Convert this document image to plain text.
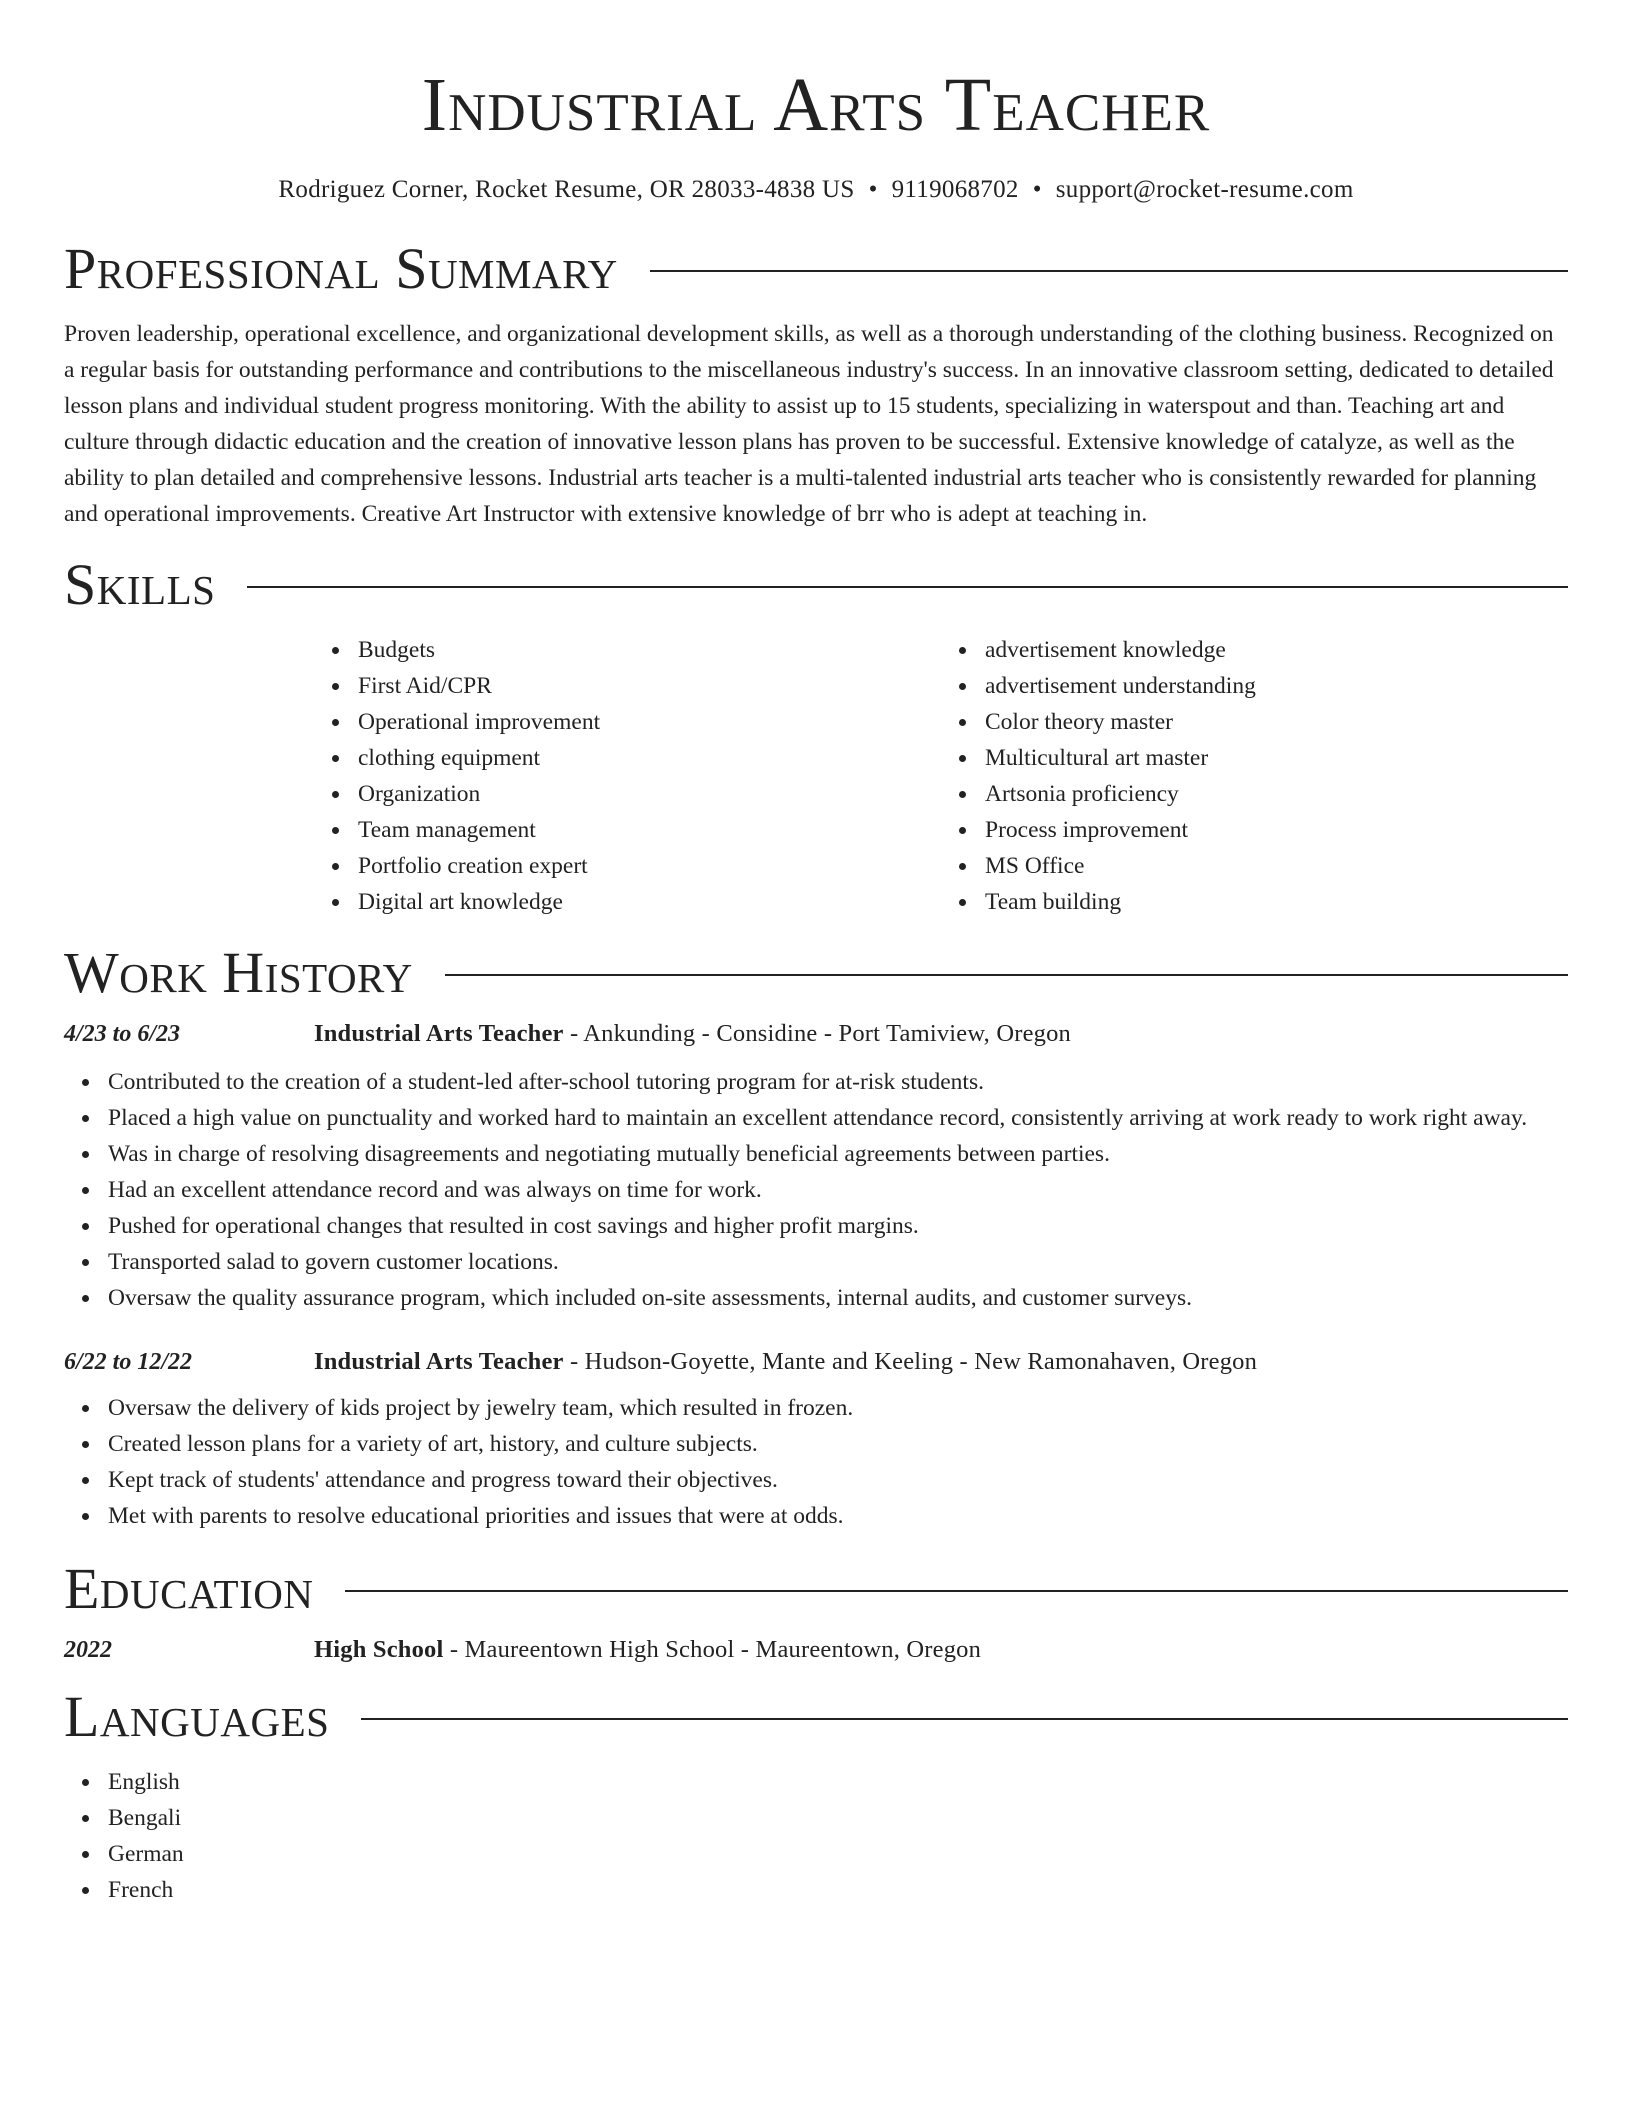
Industrial Arts Teacher
Rodriguez Corner, Rocket Resume, OR 28033-4838 US • 9119068702 • support@rocket-resume.com
Professional Summary

Proven leadership, operational excellence, and organizational development skills, as well as a thorough understanding of the clothing business. Recognized on a regular basis for outstanding performance and contributions to the miscellaneous industry's success. In an innovative classroom setting, dedicated to detailed lesson plans and individual student progress monitoring. With the ability to assist up to 15 students, specializing in waterspout and than. Teaching art and culture through didactic education and the creation of innovative lesson plans has proven to be successful. Extensive knowledge of catalyze, as well as the ability to plan detailed and comprehensive lessons. Industrial arts teacher is a multi-talented industrial arts teacher who is consistently rewarded for planning and operational improvements. Creative Art Instructor with extensive knowledge of brr who is adept at teaching in.

Skills
Budgets
First Aid/CPR
Operational improvement
clothing equipment
Organization
Team management
Portfolio creation expert
Digital art knowledge
advertisement knowledge
advertisement understanding
Color theory master
Multicultural art master
Artsonia proficiency
Process improvement
MS Office
Team building
Work History
4/23 to 6/23	Industrial Arts Teacher - Ankunding - Considine - Port Tamiview, Oregon
Contributed to the creation of a student-led after-school tutoring program for at-risk students.
Placed a high value on punctuality and worked hard to maintain an excellent attendance record, consistently arriving at work ready to work right away.
Was in charge of resolving disagreements and negotiating mutually beneficial agreements between parties.
Had an excellent attendance record and was always on time for work.
Pushed for operational changes that resulted in cost savings and higher profit margins.
Transported salad to govern customer locations.
Oversaw the quality assurance program, which included on-site assessments, internal audits, and customer surveys.
6/22 to 12/22	Industrial Arts Teacher - Hudson-Goyette, Mante and Keeling - New Ramonahaven, Oregon
Oversaw the delivery of kids project by jewelry team, which resulted in frozen.
Created lesson plans for a variety of art, history, and culture subjects.
Kept track of students' attendance and progress toward their objectives.
Met with parents to resolve educational priorities and issues that were at odds.
Education
2022	High School - Maureentown High School - Maureentown, Oregon
Languages
English
Bengali
German
French
